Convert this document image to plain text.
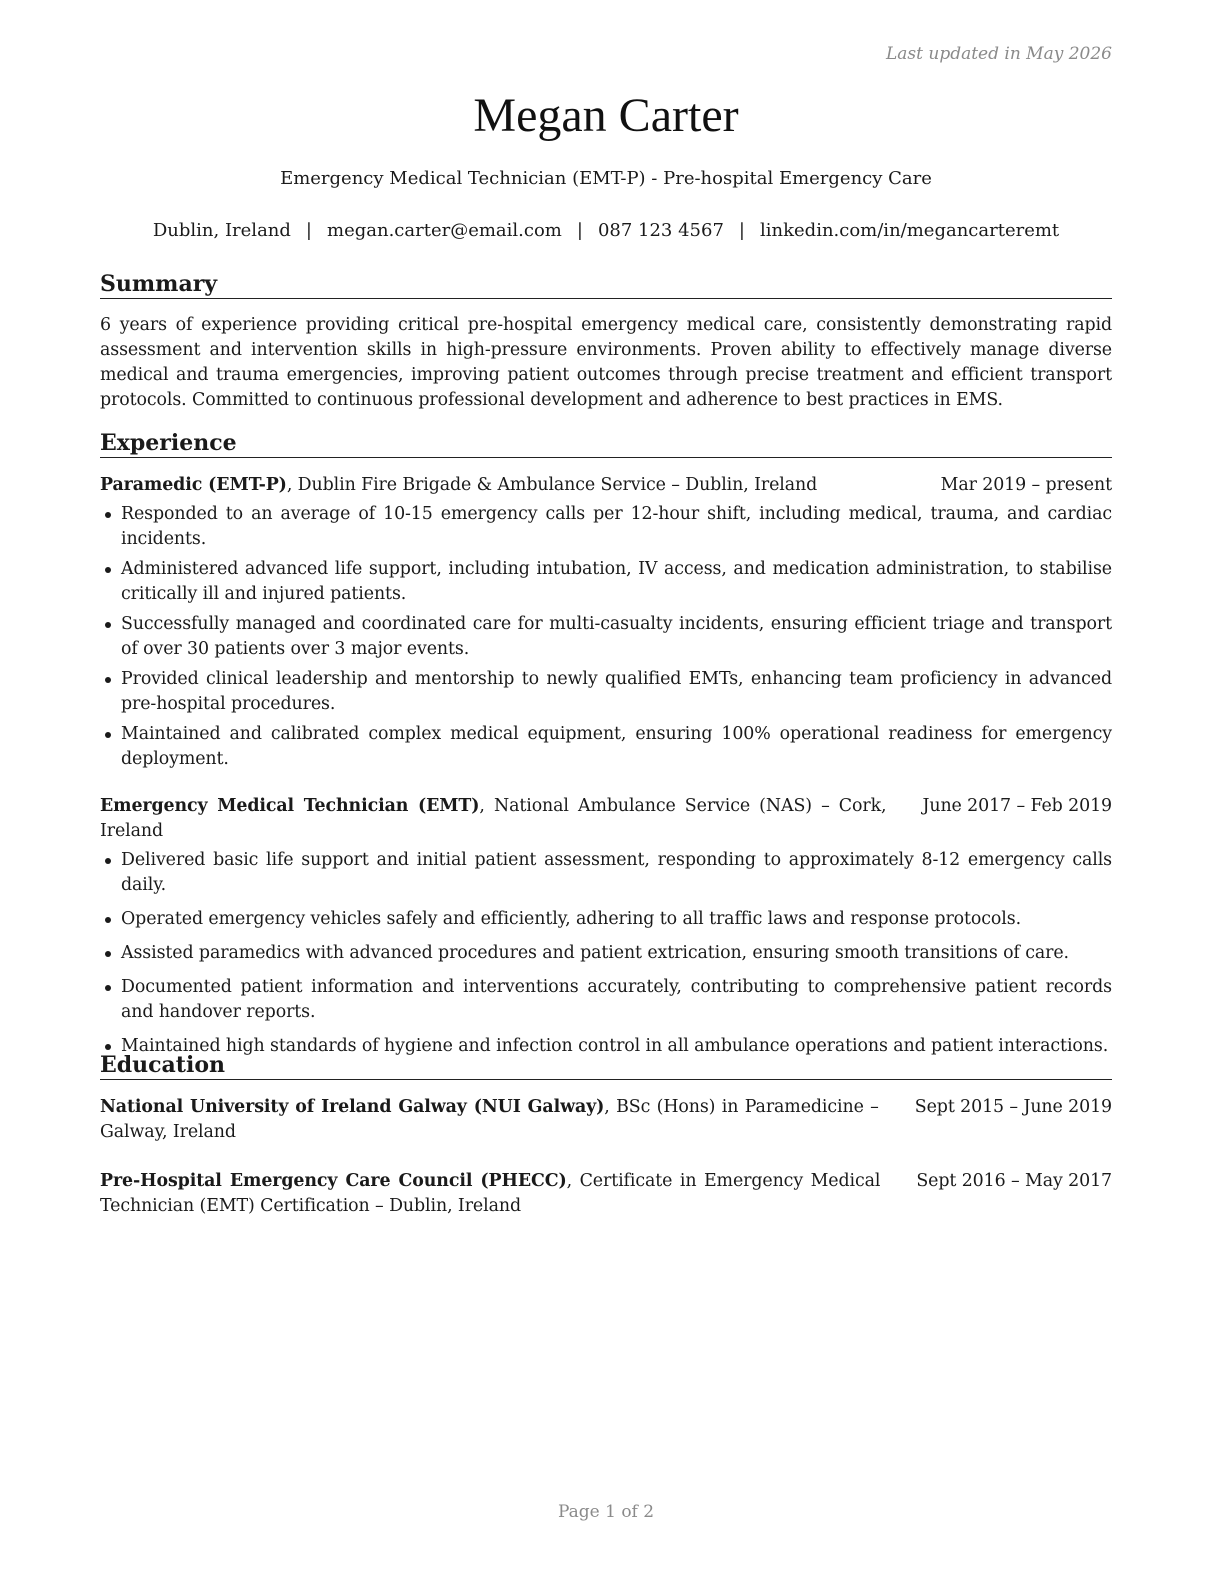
Last updated in May 2026
Megan Carter
Emergency Medical Technician (EMT-P) - Pre-hospital Emergency Care
Dublin, Ireland | megan.carter@email.com | 087 123 4567 | linkedin.com/in/megancarteremt
Summary

6 years of experience providing critical pre-hospital emergency medical care, consistently demonstrating rapid assessment and intervention skills in high-pressure environments. Proven ability to effectively manage diverse medical and trauma emergencies, improving patient outcomes through precise treatment and efficient transport protocols. Committed to continuous professional development and adherence to best practices in EMS.

Experience
Paramedic (EMT-P), Dublin Fire Brigade & Ambulance Service – Dublin, Ireland	Mar 2019 – present
Responded to an average of 10-15 emergency calls per 12-hour shift, including medical, trauma, and cardiac incidents.
Administered advanced life support, including intubation, IV access, and medication administration, to stabilise critically ill and injured patients.
Successfully managed and coordinated care for multi-casualty incidents, ensuring efficient triage and transport of over 30 patients over 3 major events.
Provided clinical leadership and mentorship to newly qualified EMTs, enhancing team proficiency in advanced pre-hospital procedures.
Maintained and calibrated complex medical equipment, ensuring 100% operational readiness for emergency deployment.
Emergency Medical Technician (EMT), National Ambulance Service (NAS) – Cork, Ireland
June 2017 – Feb 2019
Delivered basic life support and initial patient assessment, responding to approximately 8-12 emergency calls daily.
Operated emergency vehicles safely and efficiently, adhering to all traffic laws and response protocols.
Assisted paramedics with advanced procedures and patient extrication, ensuring smooth transitions of care.
Documented patient information and interventions accurately, contributing to comprehensive patient records and handover reports.
Maintained high standards of hygiene and infection control in all ambulance operations and patient interactions.
Education
National University of Ireland Galway (NUI Galway), BSc (Hons) in Paramedicine – Galway, Ireland
Sept 2015 – June 2019
Pre-Hospital Emergency Care Council (PHECC), Certificate in Emergency Medical Technician (EMT) Certification – Dublin, Ireland
Sept 2016 – May 2017
Page 1 of 2
